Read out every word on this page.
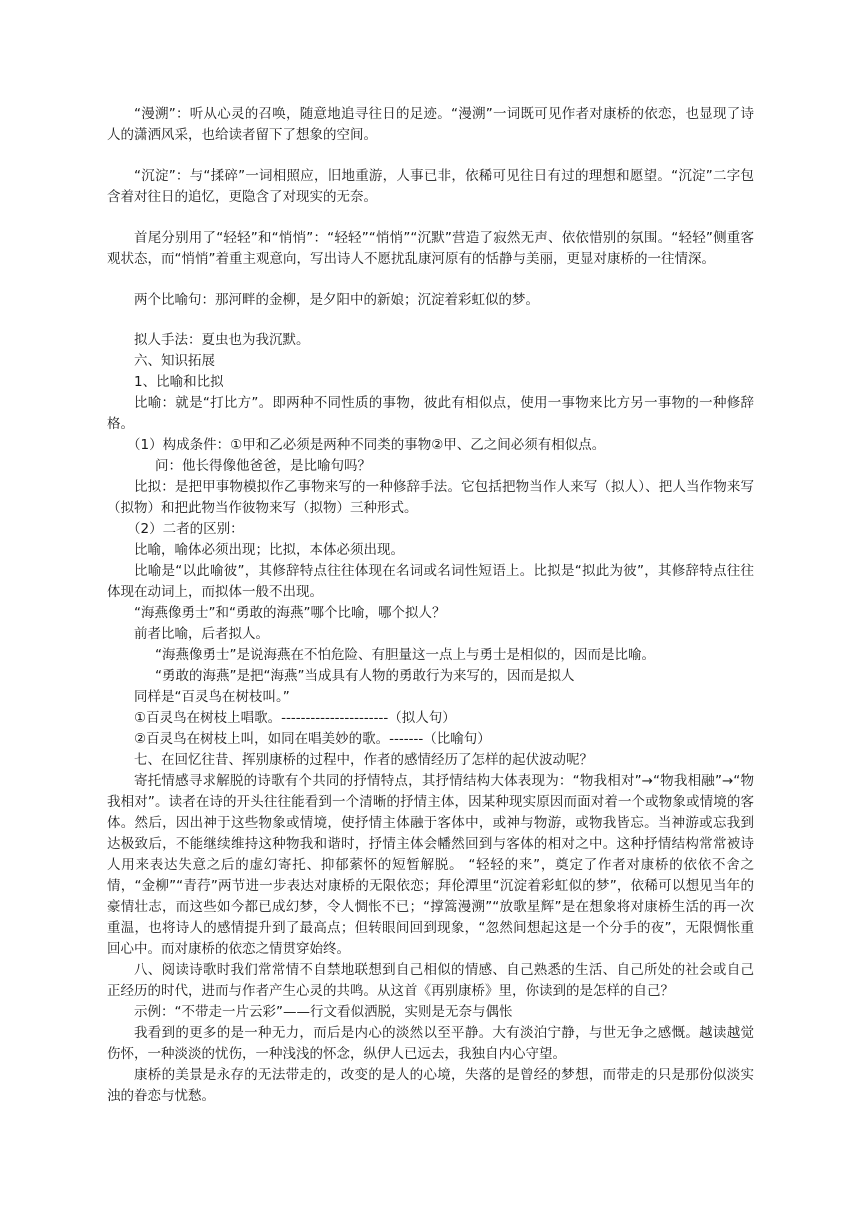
“漫溯”：听从心灵的召唤，随意地追寻往日的足迹。“漫溯”一词既可见作者对康桥的依恋，也显现了诗人的潇洒风采，也给读者留下了想象的空间。

“沉淀”：与“揉碎”一词相照应，旧地重游，人事已非，依稀可见往日有过的理想和愿望。“沉淀”二字包含着对往日的追忆，更隐含了对现实的无奈。

首尾分别用了“轻轻”和“悄悄”：“轻轻”“悄悄”“沉默”营造了寂然无声、依依惜别的氛围。“轻轻”侧重客观状态，而“悄悄”着重主观意向，写出诗人不愿扰乱康河原有的恬静与美丽，更显对康桥的一往情深。

两个比喻句：那河畔的金柳，是夕阳中的新娘；沉淀着彩虹似的梦。

拟人手法：夏虫也为我沉默。

六、知识拓展

1、比喻和比拟

比喻：就是“打比方”。即两种不同性质的事物，彼此有相似点，使用一事物来比方另一事物的一种修辞格。

（1）构成条件：①甲和乙必须是两种不同类的事物②甲、乙之间必须有相似点。

问：他长得像他爸爸，是比喻句吗？

比拟：是把甲事物模拟作乙事物来写的一种修辞手法。它包括把物当作人来写（拟人）、把人当作物来写（拟物）和把此物当作彼物来写（拟物）三种形式。

（2）二者的区别：

比喻，喻体必须出现；比拟，本体必须出现。

比喻是“以此喻彼”，其修辞特点往往体现在名词或名词性短语上。比拟是“拟此为彼”，其修辞特点往往体现在动词上，而拟体一般不出现。

“海燕像勇士”和“勇敢的海燕”哪个比喻，哪个拟人？

前者比喻，后者拟人。

“海燕像勇士”是说海燕在不怕危险、有胆量这一点上与勇士是相似的，因而是比喻。

“勇敢的海燕”是把“海燕”当成具有人物的勇敢行为来写的，因而是拟人

同样是“百灵鸟在树枝叫。”

①百灵鸟在树枝上唱歌。----------------------（拟人句）

②百灵鸟在树枝上叫，如同在唱美妙的歌。-------（比喻句）

七、在回忆往昔、挥别康桥的过程中，作者的感情经历了怎样的起伏波动呢？

寄托情感寻求解脱的诗歌有个共同的抒情特点，其抒情结构大体表现为：“物我相对”→“物我相融”→“物我相对”。读者在诗的开头往往能看到一个清晰的抒情主体，因某种现实原因而面对着一个或物象或情境的客体。然后，因出神于这些物象或情境，使抒情主体融于客体中，或神与物游，或物我皆忘。当神游或忘我到达极致后，不能继续维持这种物我和谐时，抒情主体会幡然回到与客体的相对之中。这种抒情结构常常被诗人用来表达失意之后的虚幻寄托、抑郁萦怀的短暂解脱。 “轻轻的来”，奠定了作者对康桥的依依不舍之情，“金柳”“青荇”两节进一步表达对康桥的无限依恋；拜伦潭里“沉淀着彩虹似的梦”，依稀可以想见当年的豪情壮志，而这些如今都已成幻梦，令人惆怅不已；“撑篙漫溯”“放歌星辉”是在想象将对康桥生活的再一次重温，也将诗人的感情提升到了最高点；但转眼间回到现象，“忽然间想起这是一个分手的夜”，无限惆怅重回心中。而对康桥的依恋之情贯穿始终。

八、阅读诗歌时我们常常情不自禁地联想到自己相似的情感、自己熟悉的生活、自己所处的社会或自己正经历的时代，进而与作者产生心灵的共鸣。从这首《再别康桥》里，你读到的是怎样的自己？

示例：“不带走一片云彩”——行文看似洒脱，实则是无奈与偶怅

我看到的更多的是一种无力，而后是内心的淡然以至平静。大有淡泊宁静，与世无争之感慨。越读越觉伤怀，一种淡淡的忧伤，一种浅浅的怀念，纵伊人已远去，我独自内心守望。

康桥的美景是永存的无法带走的，改变的是人的心境，失落的是曾经的梦想，而带走的只是那份似淡实浊的眷恋与忧愁。
